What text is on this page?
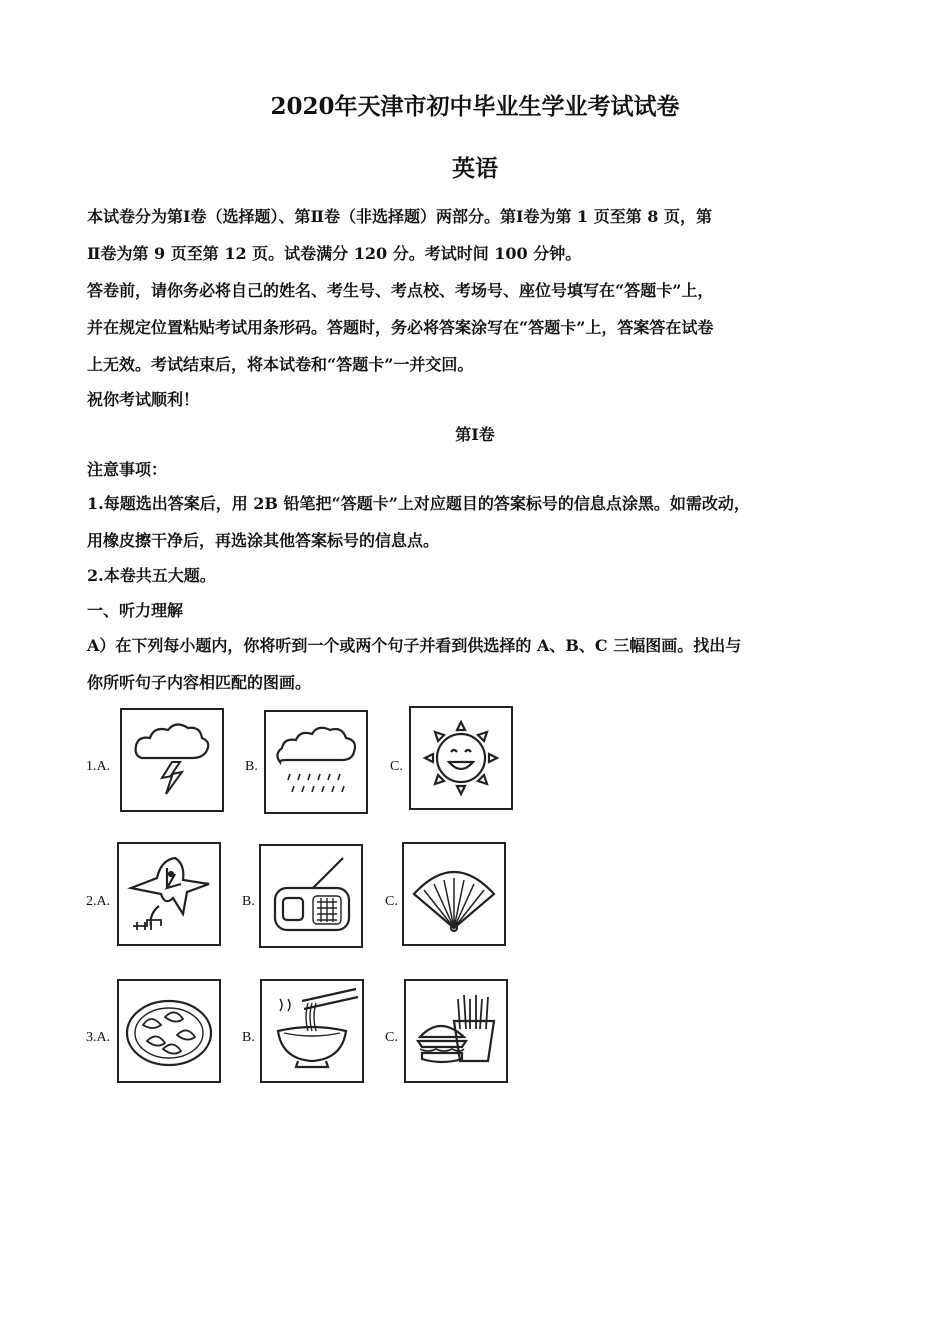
2020年天津市初中毕业生学业考试试卷
英语
本试卷分为第Ⅰ卷（选择题）、第Ⅱ卷（非选择题）两部分。第Ⅰ卷为第 1 页至第 8 页，第
Ⅱ卷为第 9 页至第 12 页。试卷满分 120 分。考试时间 100 分钟。
答卷前，请你务必将自己的姓名、考生号、考点校、考场号、座位号填写在“答题卡”上，
并在规定位置粘贴考试用条形码。答题时，务必将答案涂写在“答题卡”上，答案答在试卷
上无效。考试结束后，将本试卷和“答题卡”一并交回。
祝你考试顺利！
第Ⅰ卷
注意事项：
1.每题选出答案后，用 2B 铅笔把“答题卡”上对应题目的答案标号的信息点涂黑。如需改动，
用橡皮擦干净后，再选涂其他答案标号的信息点。
2.本卷共五大题。
一、听力理解
A）在下列每小题内，你将听到一个或两个句子并看到供选择的 A、B、C 三幅图画。找出与
你所听句子内容相匹配的图画。
1.A.	B.	C.
2.A.	B.	C.
3.A.	B.	C.
